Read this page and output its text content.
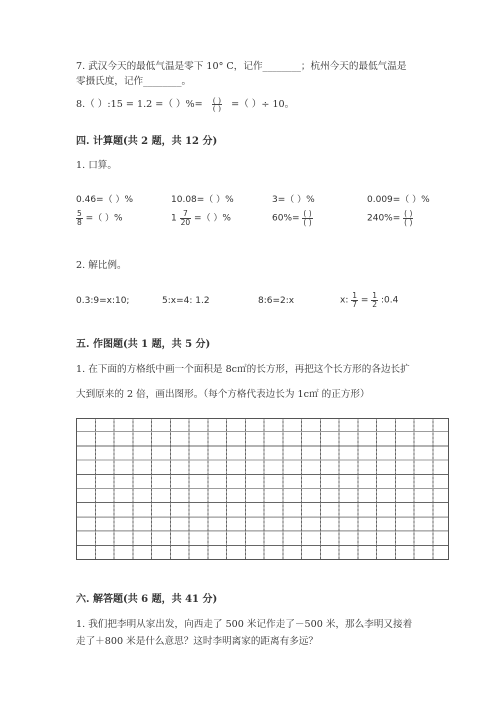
7. 武汉今天的最低气温是零下 10° C，记作________；杭州今天的最低气温是
零摄氏度，记作________。
8.（ ）:15 = 1.2 =（ ）%= $\frac{( )}{( )}$ =（ ）÷ 10。
四. 计算题(共 2 题，共 12 分)
1. 口算。
0.46=（ ）%	10.08=（ ）%	3=（ ）%	0.009=（ ）%
$\frac{5}{8}$ =（ ）%	$1 \frac{7}{20}$ =（ ）%	$60\%= \frac{( )}{( )}$	$240\%= \frac{( )}{( )}$
2. 解比例。
0.3:9=x:10;	5:x=4: 1.2	8:6=2:x	x: $\frac{1}{7} = \frac{1}{2}$ :0.4
五. 作图题(共 1 题，共 5 分)
1. 在下面的方格纸中画一个面积是 8c㎡的长方形，再把这个长方形的各边长扩
大到原来的 2 倍，画出图形。（每个方格代表边长为 1c㎡ 的正方形）
六. 解答题(共 6 题，共 41 分)
1. 我们把李明从家出发，向西走了 500 米记作走了－500 米，那么李明又接着
走了＋800 米是什么意思？这时李明离家的距离有多远？
